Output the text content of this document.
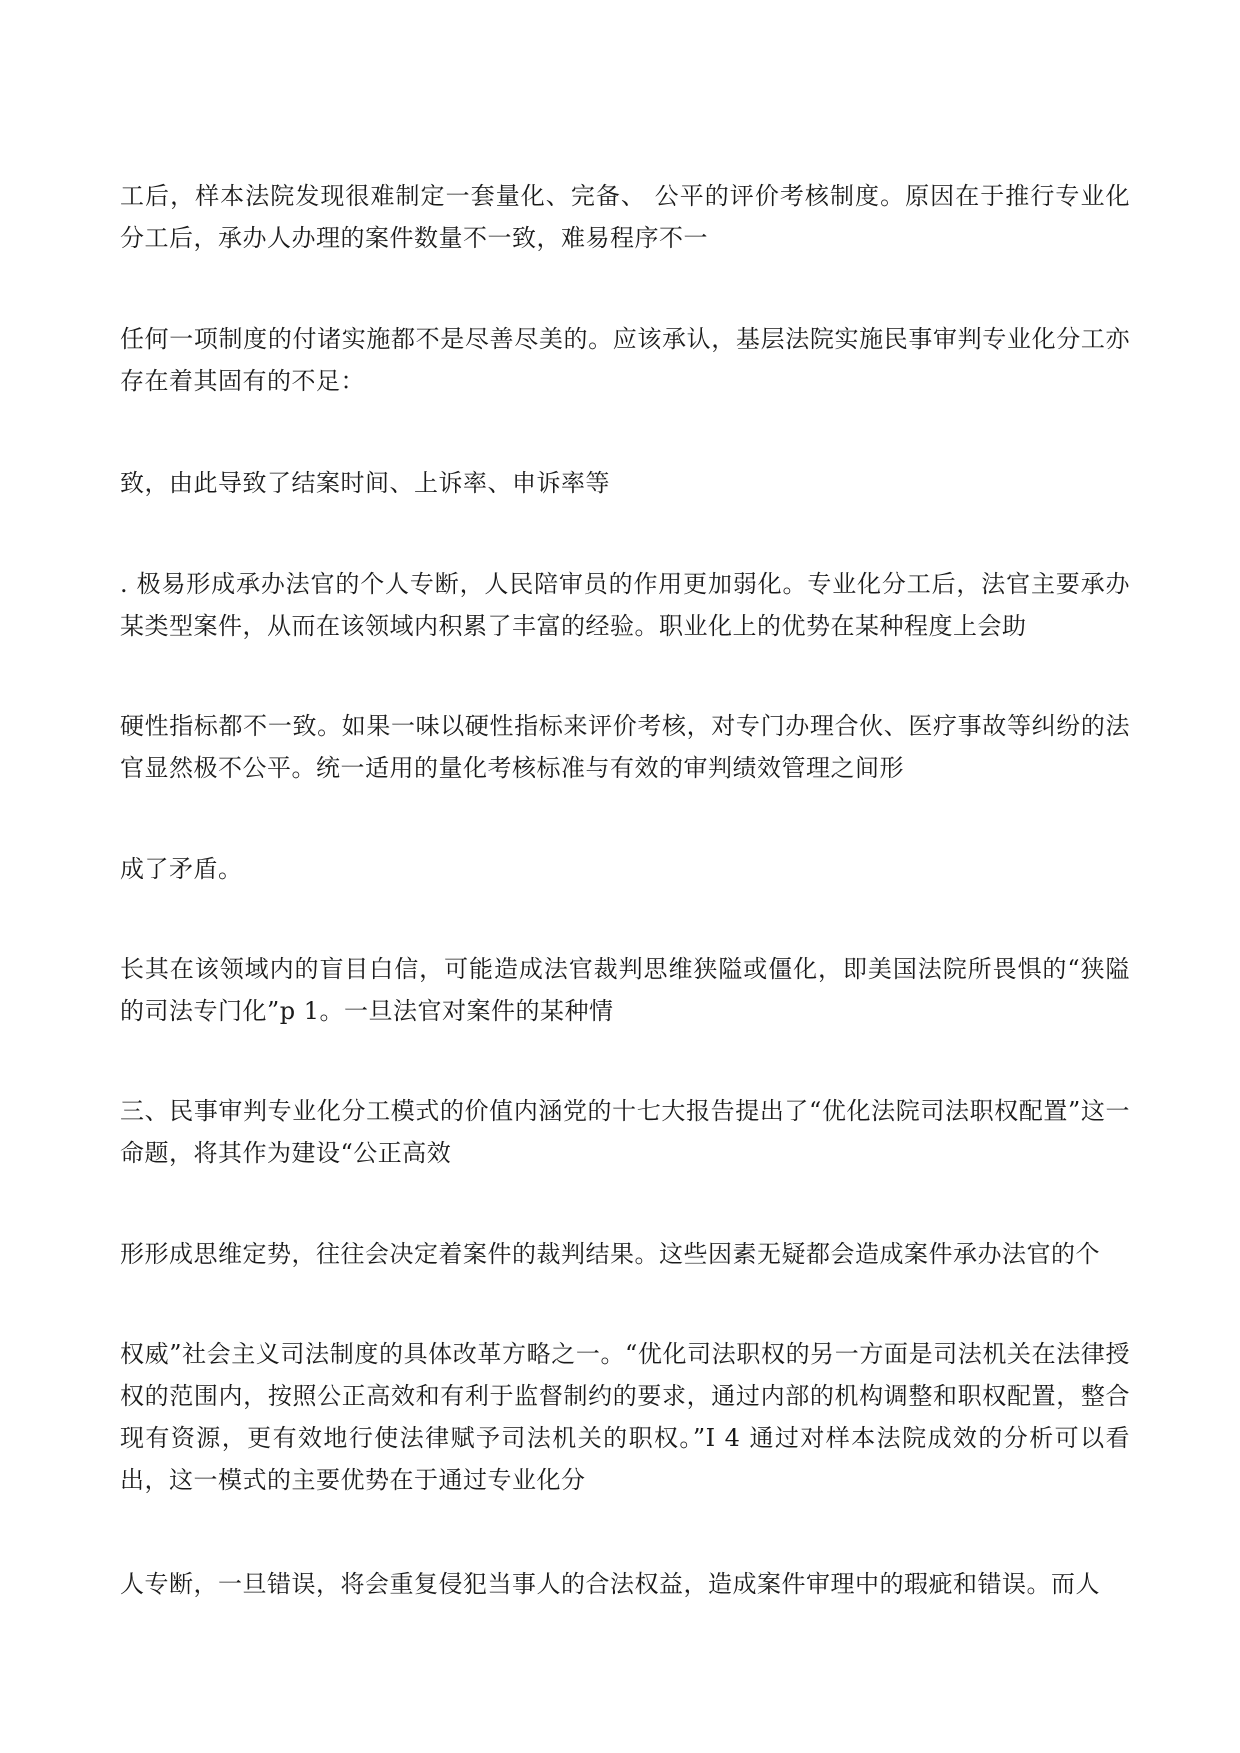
工后，样本法院发现很难制定一套量化、完备、 公平的评价考核制度。原因在于推行专业化分工后，承办人办理的案件数量不一致，难易程序不一

任何一项制度的付诸实施都不是尽善尽美的。应该承认，基层法院实施民事审判专业化分工亦存在着其固有的不足：

致，由此导致了结案时间、上诉率、申诉率等

. 极易形成承办法官的个人专断，人民陪审员的作用更加弱化。专业化分工后，法官主要承办某类型案件，从而在该领域内积累了丰富的经验。职业化上的优势在某种程度上会助

硬性指标都不一致。如果一味以硬性指标来评价考核，对专门办理合伙、医疗事故等纠纷的法官显然极不公平。统一适用的量化考核标准与有效的审判绩效管理之间形

成了矛盾。

长其在该领域内的盲目白信，可能造成法官裁判思维狭隘或僵化，即美国法院所畏惧的“狭隘的司法专门化”p 1。一旦法官对案件的某种情

三、民事审判专业化分工模式的价值内涵党的十七大报告提出了“优化法院司法职权配置”这一命题，将其作为建设“公正高效

形形成思维定势，往往会决定着案件的裁判结果。这些因素无疑都会造成案件承办法官的个

权威”社会主义司法制度的具体改革方略之一。“优化司法职权的另一方面是司法机关在法律授权的范围内，按照公正高效和有利于监督制约的要求，通过内部的机构调整和职权配置，整合现有资源，更有效地行使法律赋予司法机关的职权。”I 4 通过对样本法院成效的分析可以看出，这一模式的主要优势在于通过专业化分

人专断，一旦错误，将会重复侵犯当事人的合法权益，造成案件审理中的瑕疵和错误。而人
